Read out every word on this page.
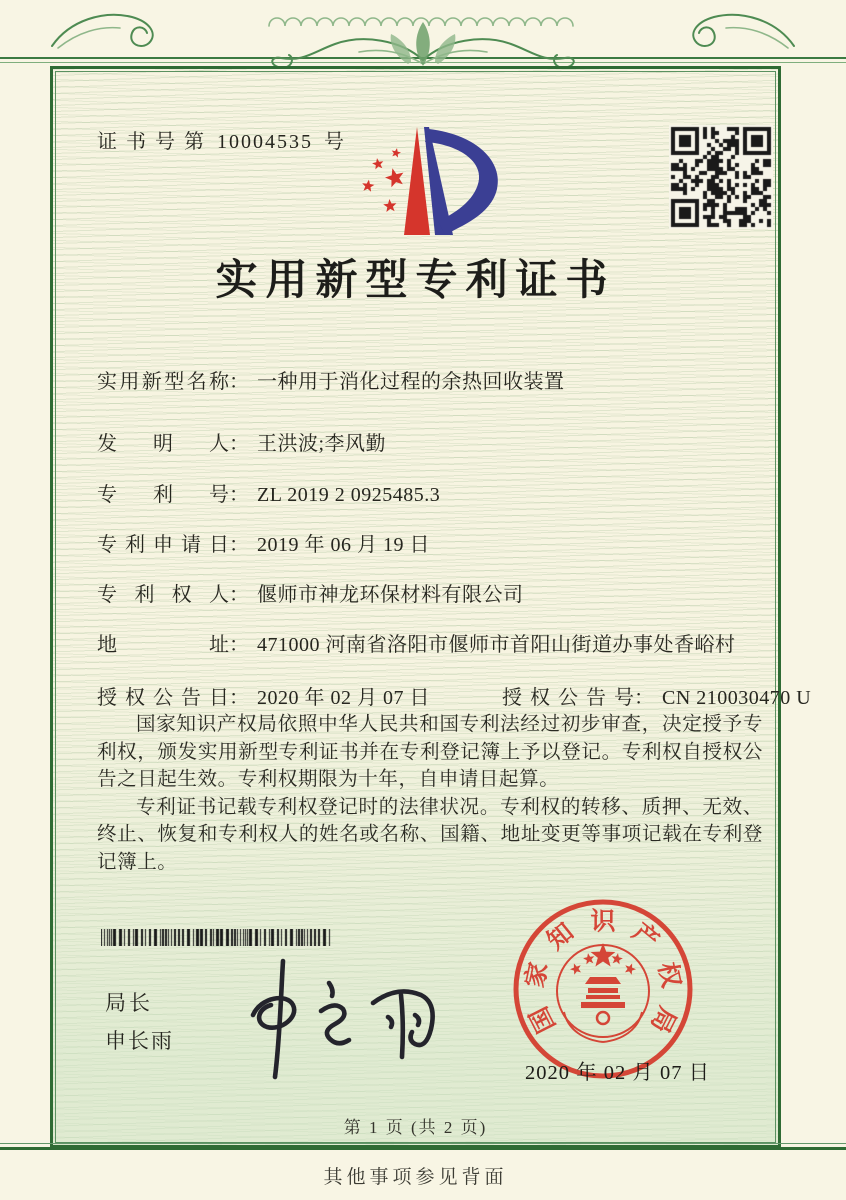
证 书 号 第 10004535 号
实用新型专利证书
实用新型名称： 一种用于消化过程的余热回收装置
发明人： 王洪波;李风勤
专利号： ZL 2019 2 0925485.3
专利申请日： 2019 年 06 月 19 日
专利权人： 偃师市神龙环保材料有限公司
地址： 471000 河南省洛阳市偃师市首阳山街道办事处香峪村
授权公告日： 2020 年 02 月 07 日	授权公告号： CN 210030470 U

国家知识产权局依照中华人民共和国专利法经过初步审查，决定授予专利权，颁发实用新型专利证书并在专利登记簿上予以登记。专利权自授权公告之日起生效。专利权期限为十年，自申请日起算。

专利证书记载专利权登记时的法律状况。专利权的转移、质押、无效、终止、恢复和专利权人的姓名或名称、国籍、地址变更等事项记载在专利登记簿上。

局长
申长雨
国
家
知 识 产
权
局
2020 年 02 月 07 日
第 1 页 (共 2 页)
其他事项参见背面
